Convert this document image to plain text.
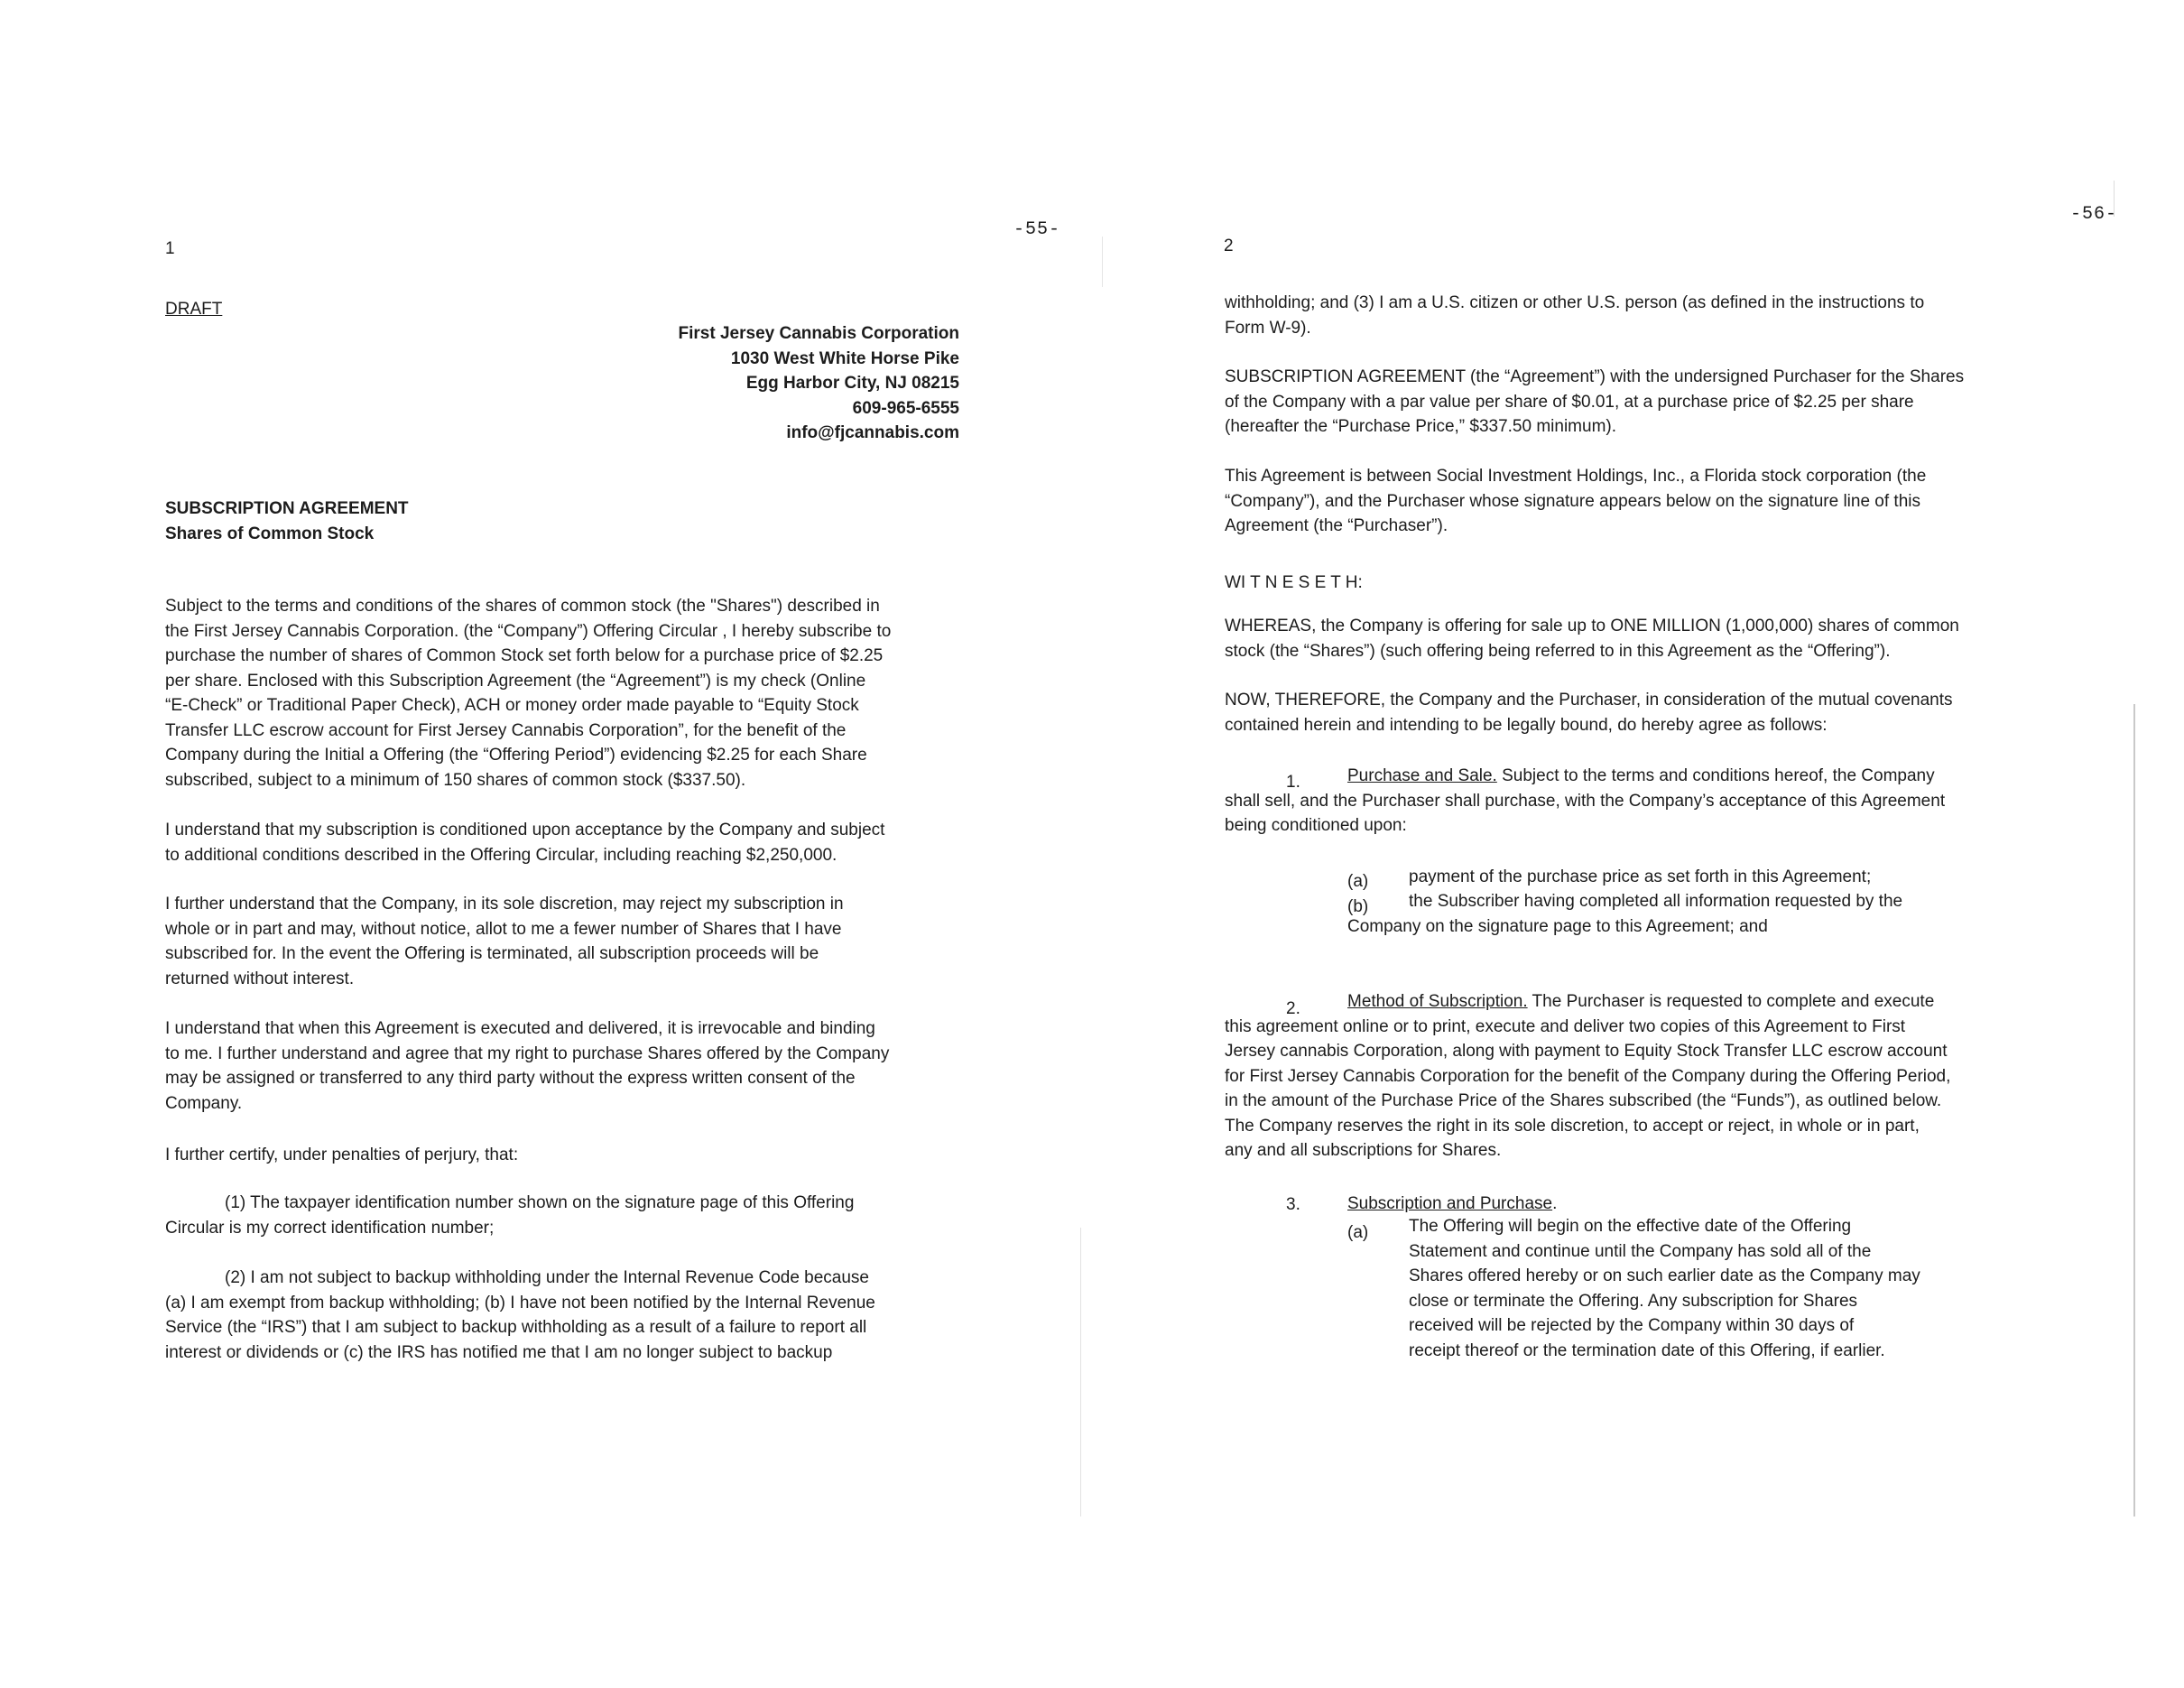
1
-55-
DRAFT
First Jersey Cannabis Corporation
1030 West White Horse Pike
Egg Harbor City, NJ 08215
609-965-6555
info@fjcannabis.com
SUBSCRIPTION AGREEMENT
Shares of Common Stock
Subject to the terms and conditions of the shares of common stock (the "Shares") described in
the First Jersey Cannabis Corporation. (the “Company”) Offering Circular , I hereby subscribe to
purchase the number of shares of Common Stock set forth below for a purchase price of $2.25
per share. Enclosed with this Subscription Agreement (the “Agreement”) is my check (Online
“E-Check” or Traditional Paper Check), ACH or money order made payable to “Equity Stock
Transfer LLC escrow account for First Jersey Cannabis Corporation”, for the benefit of the
Company during the Initial a Offering (the “Offering Period”) evidencing $2.25 for each Share
subscribed, subject to a minimum of 150 shares of common stock ($337.50).
I understand that my subscription is conditioned upon acceptance by the Company and subject
to additional conditions described in the Offering Circular, including reaching $2,250,000.
I further understand that the Company, in its sole discretion, may reject my subscription in
whole or in part and may, without notice, allot to me a fewer number of Shares that I have
subscribed for. In the event the Offering is terminated, all subscription proceeds will be
returned without interest.
I understand that when this Agreement is executed and delivered, it is irrevocable and binding
to me. I further understand and agree that my right to purchase Shares offered by the Company
may be assigned or transferred to any third party without the express written consent of the
Company.
I further certify, under penalties of perjury, that:
(1) The taxpayer identification number shown on the signature page of this Offering
Circular is my correct identification number;
(2) I am not subject to backup withholding under the Internal Revenue Code because
(a) I am exempt from backup withholding; (b) I have not been notified by the Internal Revenue
Service (the “IRS”) that I am subject to backup withholding as a result of a failure to report all
interest or dividends or (c) the IRS has notified me that I am no longer subject to backup
2
-56-
withholding; and (3) I am a U.S. citizen or other U.S. person (as defined in the instructions to
Form W-9).
SUBSCRIPTION AGREEMENT (the “Agreement”) with the undersigned Purchaser for the Shares
of the Company with a par value per share of $0.01, at a purchase price of $2.25 per share
(hereafter the “Purchase Price,” $337.50 minimum).
This Agreement is between Social Investment Holdings, Inc., a Florida stock corporation (the
“Company”), and the Purchaser whose signature appears below on the signature line of this
Agreement (the “Purchaser”).
WI T N E S E T H:
WHEREAS, the Company is offering for sale up to ONE MILLION (1,000,000) shares of common
stock (the “Shares”) (such offering being referred to in this Agreement as the “Offering”).
NOW, THEREFORE, the Company and the Purchaser, in consideration of the mutual covenants
contained herein and intending to be legally bound, do hereby agree as follows:
1.	Purchase and Sale. Subject to the terms and conditions hereof, the Company
shall sell, and the Purchaser shall purchase, with the Company’s acceptance of this Agreement
being conditioned upon:
(a) payment of the purchase price as set forth in this Agreement;
(b) the Subscriber having completed all information requested by the
Company on the signature page to this Agreement; and
2.	Method of Subscription. The Purchaser is requested to complete and execute
this agreement online or to print, execute and deliver two copies of this Agreement to First
Jersey cannabis Corporation, along with payment to Equity Stock Transfer LLC escrow account
for First Jersey Cannabis Corporation for the benefit of the Company during the Offering Period,
in the amount of the Purchase Price of the Shares subscribed (the “Funds”), as outlined below.
The Company reserves the right in its sole discretion, to accept or reject, in whole or in part,
any and all subscriptions for Shares.
3.	Subscription and Purchase.
(a) The Offering will begin on the effective date of the Offering
Statement and continue until the Company has sold all of the
Shares offered hereby or on such earlier date as the Company may
close or terminate the Offering. Any subscription for Shares
received will be rejected by the Company within 30 days of
receipt thereof or the termination date of this Offering, if earlier.
